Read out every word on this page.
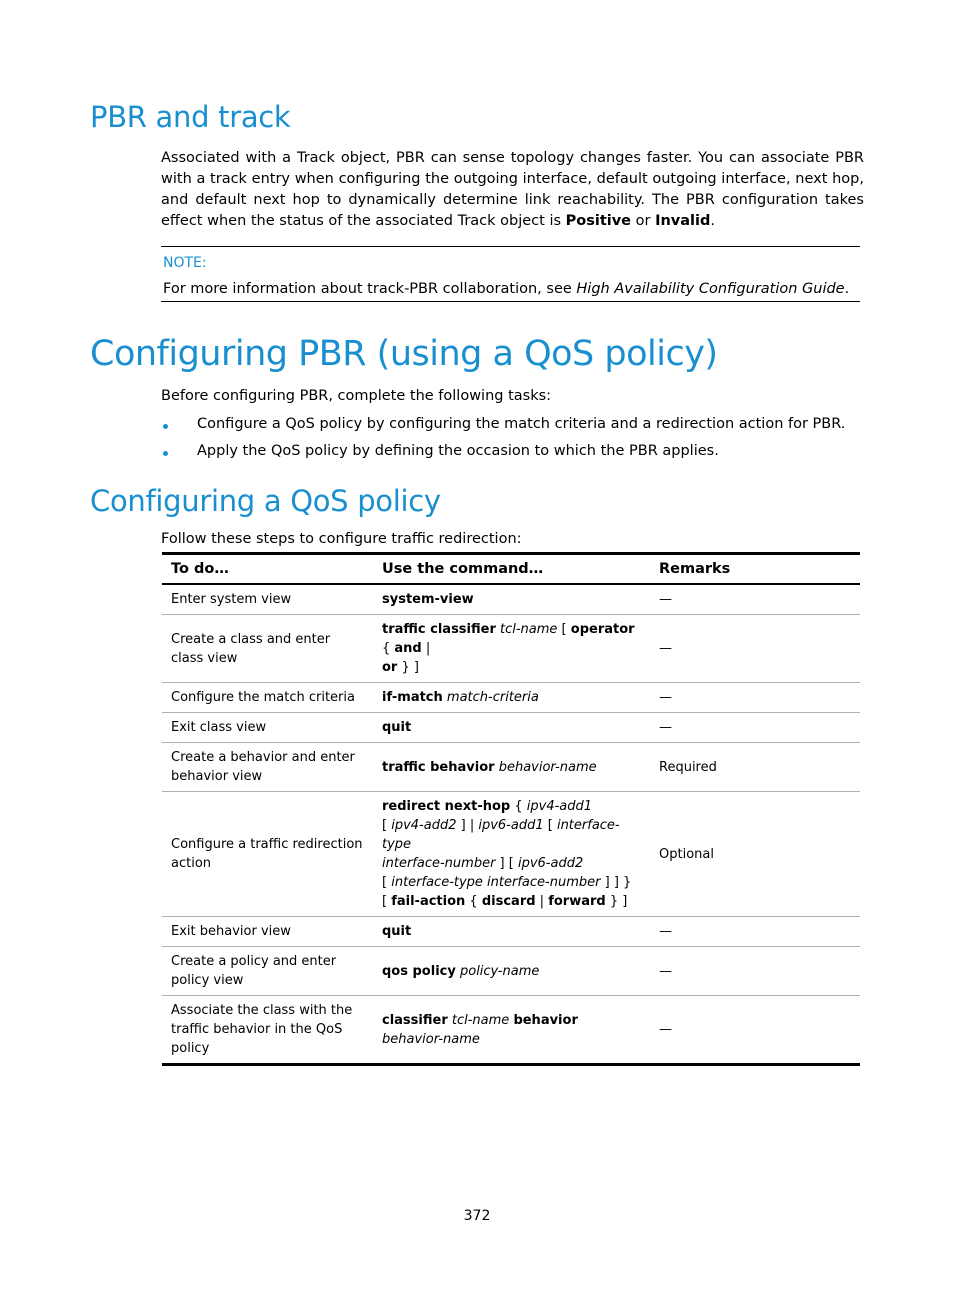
PBR and track
Associated with a Track object, PBR can sense topology changes faster. You can associate PBR with a track entry when configuring the outgoing interface, default outgoing interface, next hop, and default next hop to dynamically determine link reachability. The PBR configuration takes effect when the status of the associated Track object is Positive or Invalid.
NOTE:
For more information about track-PBR collaboration, see High Availability Configuration Guide.
Configuring PBR (using a QoS policy)
Before configuring PBR, complete the following tasks:
Configure a QoS policy by configuring the match criteria and a redirection action for PBR.
Apply the QoS policy by defining the occasion to which the PBR applies.
Configuring a QoS policy
Follow these steps to configure traffic redirection:
To do…	Use the command…	Remarks
Enter system view	system-view	—
Create a class and enter class view	traffic classifier tcl-name [ operator { and |
or } ]	—
Configure the match criteria	if-match match-criteria	—
Exit class view	quit	—
Create a behavior and enter behavior view	traffic behavior behavior-name	Required
Configure a traffic redirection action	redirect next-hop { ipv4-add1
[ ipv4-add2 ] | ipv6-add1 [ interface-type
interface-number ] [ ipv6-add2
[ interface-type interface-number ] ] }
[ fail-action { discard | forward } ]	Optional
Exit behavior view	quit	—
Create a policy and enter policy view	qos policy policy-name	—
Associate the class with the traffic behavior in the QoS policy	classifier tcl-name behavior
behavior-name	—
372
